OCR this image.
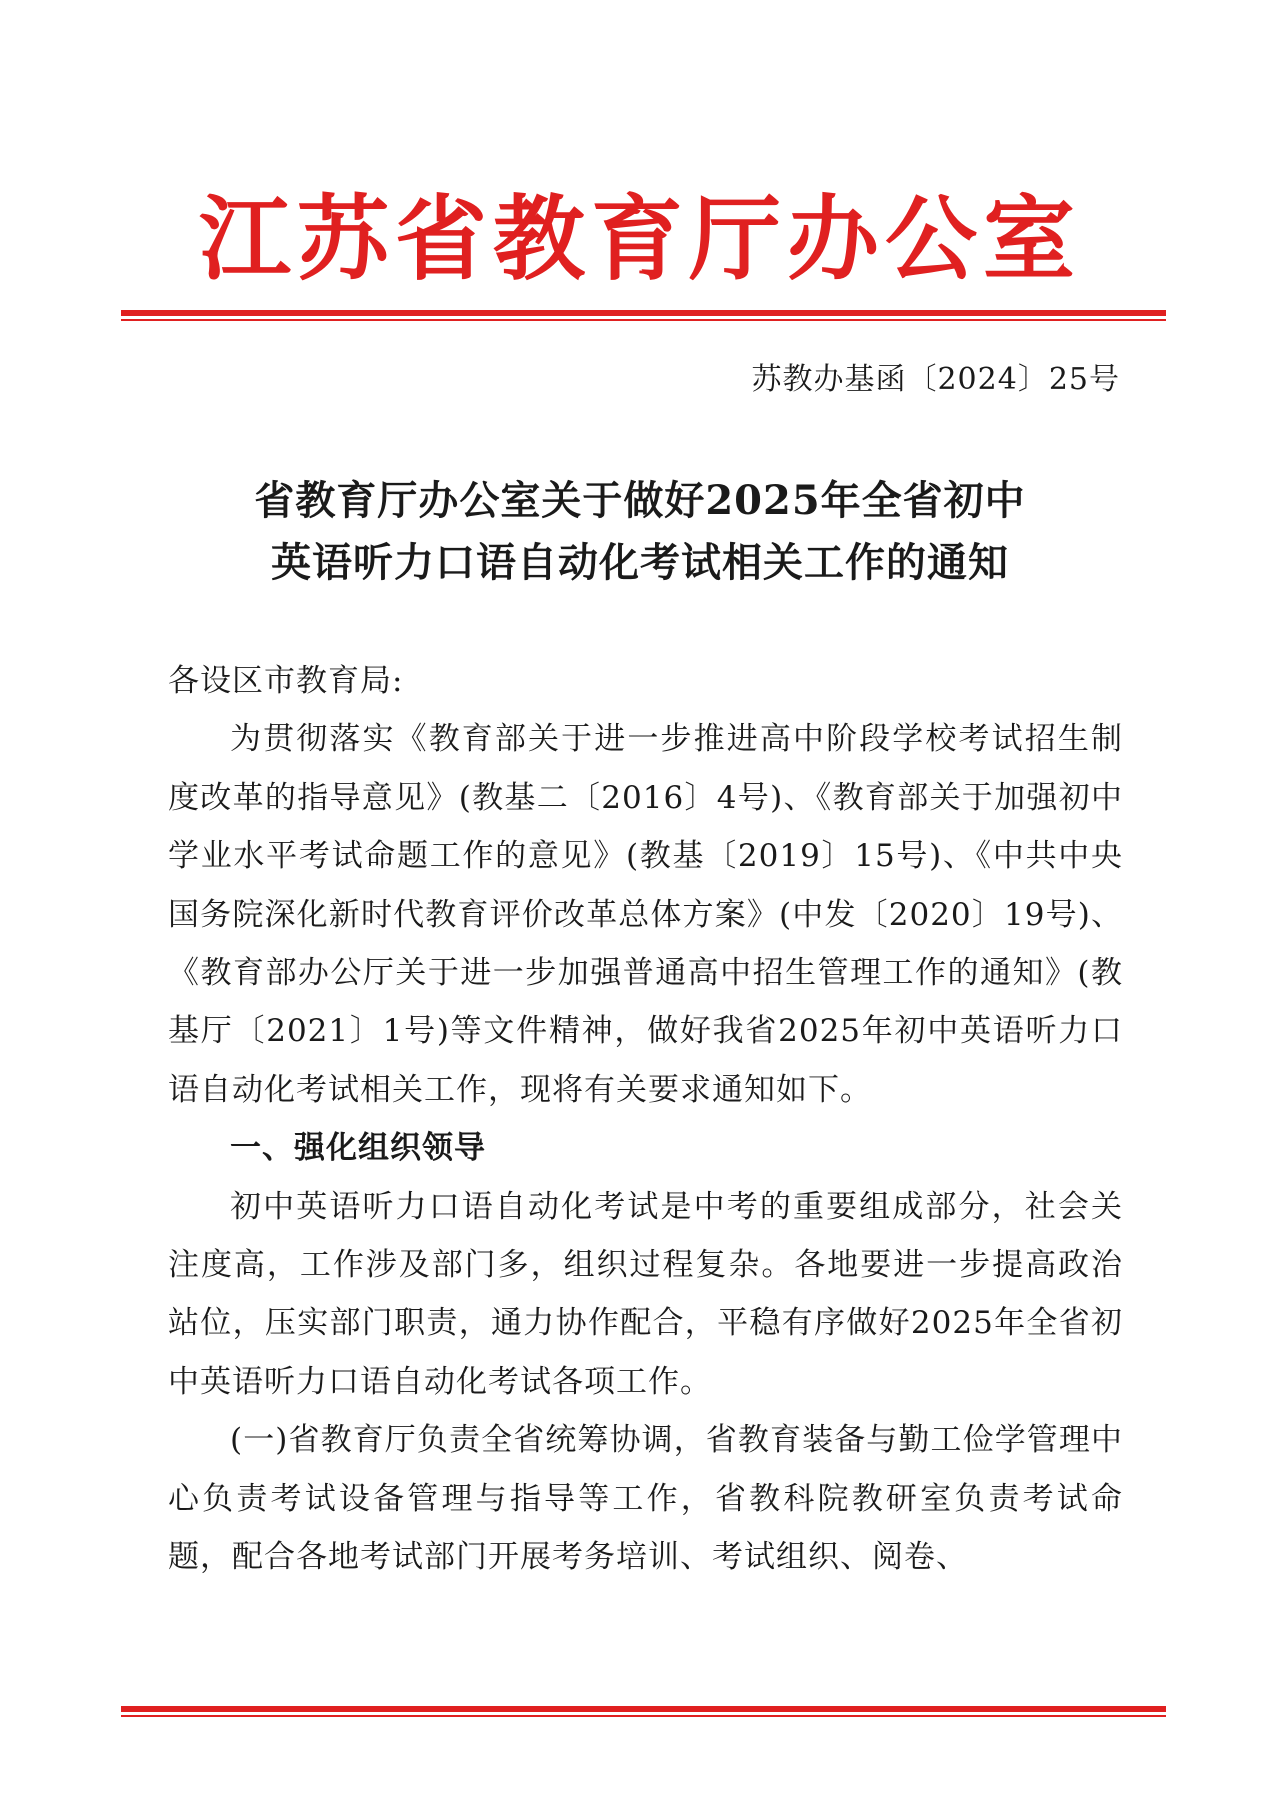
江苏省教育厅办公室
苏教办基函〔2024〕25号
省教育厅办公室关于做好2025年全省初中
英语听力口语自动化考试相关工作的通知

各设区市教育局:

为贯彻落实《教育部关于进一步推进高中阶段学校考试招生制度改革的指导意见》(教基二〔2016〕4号)、《教育部关于加强初中学业水平考试命题工作的意见》(教基〔2019〕15号)、《中共中央 国务院深化新时代教育评价改革总体方案》(中发〔2020〕19号)、《教育部办公厅关于进一步加强普通高中招生管理工作的通知》(教基厅〔2021〕1号)等文件精神，做好我省2025年初中英语听力口语自动化考试相关工作，现将有关要求通知如下。

一、强化组织领导

初中英语听力口语自动化考试是中考的重要组成部分，社会关注度高，工作涉及部门多，组织过程复杂。各地要进一步提高政治站位，压实部门职责，通力协作配合，平稳有序做好2025年全省初中英语听力口语自动化考试各项工作。

(一)省教育厅负责全省统筹协调，省教育装备与勤工俭学管理中心负责考试设备管理与指导等工作，省教科院教研室负责考试命题，配合各地考试部门开展考务培训、考试组织、阅卷、
